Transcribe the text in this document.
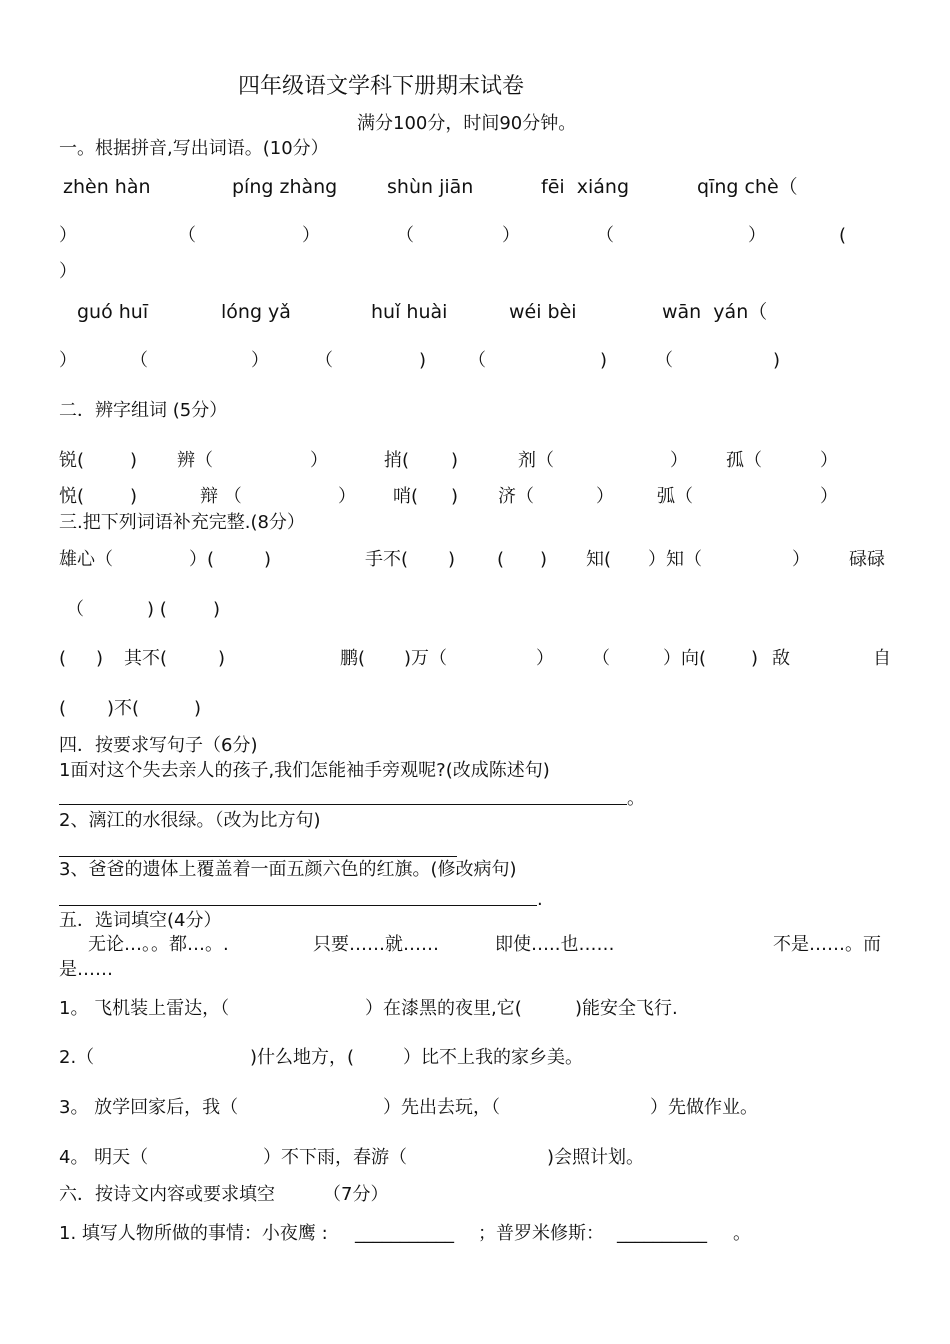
四年级语文学科下册期末试卷
满分100分，时间90分钟。
一。根据拼音,写出词语。(10分）
zhèn hàn	píng zhàng	shùn jiān	fēi  xiáng	qīng chè（
）	（	）	（	）	（	）	(
）
guó huī	lóng yǎ	huǐ huài	wéi bèi	wān  yán（
）	（	）	（	) （	)	（	)
二．辨字组词 (5分）
锐(	) 辨（	）	捎( )	剂（	） 孤（	）
悦(	)	辩 （	） 哨( ) 济（	） 弧（	）
三.把下列词语补充完整.(8分）
雄心（	）(	)	手不( ) ( ) 知( ）知（	） 碌碌
（	) (	)
( ) 其不(	)	鹏( )万（	） （	）向( ) 敌	自
( )不(	)
四．按要求写句子（6分)
1面对这个失去亲人的孩子,我们怎能袖手旁观呢?(改成陈述句)
。
2、漓江的水很绿。（改为比方句)
3、爸爸的遗体上覆盖着一面五颜六色的红旗。(修改病句)
.
五．选词填空(4分）
无论…。。都…。.	只要……就……	即使…..也……	不是……。而
是……
1。 飞机装上雷达，（	）在漆黑的夜里,它(	)能安全飞行.
2.（	)什么地方，(	）比不上我的家乡美。
3。 放学回家后，我（	）先出去玩，（	）先做作业。
4。 明天（	）不下雨，春游（	)会照计划。
六．按诗文内容或要求填空	（7分）
1. 填写人物所做的事情：小夜鹰 : ___________ ；普罗米修斯： __________ 。
